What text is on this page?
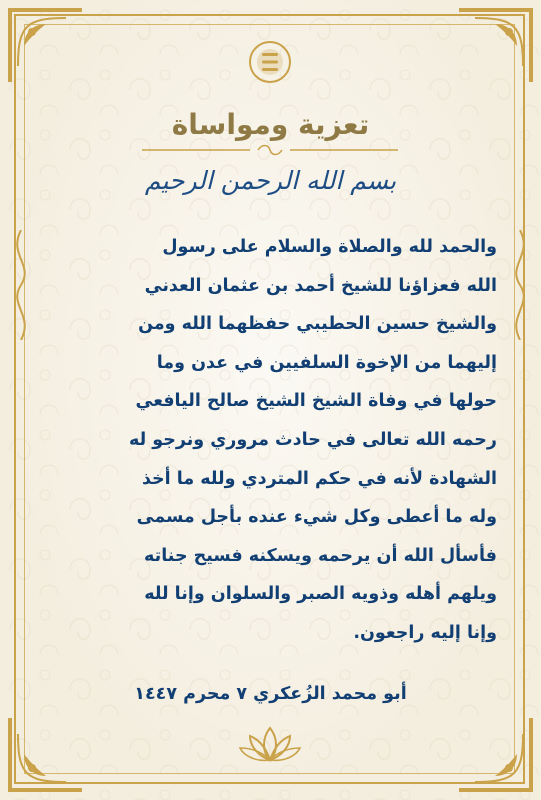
تعزية ومواساة
بسم الله الرحمن الرحيم
والحمد لله والصلاة والسلام على رسول
الله فعزاؤنا للشيخ أحمد بن عثمان العدني
والشيخ حسين الحطيبي حفظهما الله ومن
إليهما من الإخوة السلفيين في عدن وما
حولها في وفاة الشيخ الشيخ صالح اليافعي
رحمه الله تعالى في حادث مروري ونرجو له
الشهادة لأنه في حكم المتردي ولله ما أخذ
وله ما أعطى وكل شيء عنده بأجل مسمى
فأسأل الله أن يرحمه ويسكنه فسيح جناته
ويلهم أهله وذويه الصبر والسلوان وإنا لله
وإنا إليه راجعون.
أبو محمد الزُعكري ٧ محرم ١٤٤٧
